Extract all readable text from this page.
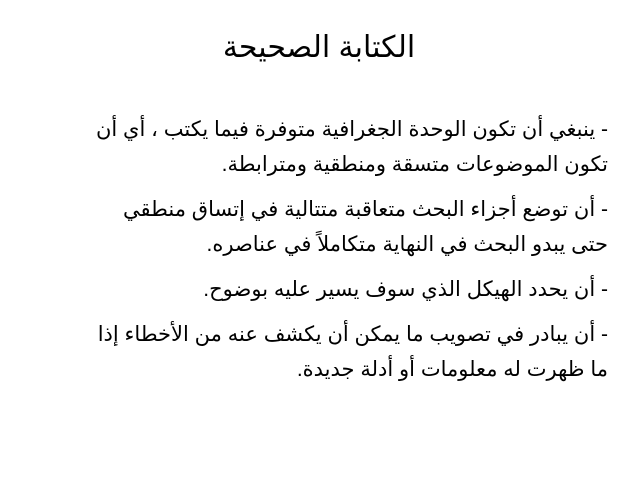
الكتابة الصحيحة
- ينبغي أن تكون الوحدة الجغرافية متوفرة فيما يكتب ، أي أن
تكون الموضوعات متسقة ومنطقية ومترابطة.
- أن توضع أجزاء البحث متعاقبة متتالية في إتساق منطقي
حتى يبدو البحث في النهاية متكاملاً في عناصره.
- أن يحدد الهيكل الذي سوف يسير عليه بوضوح.
- أن يبادر في تصويب ما يمكن أن يكشف عنه من الأخطاء إذا
ما ظهرت له معلومات أو أدلة جديدة.
